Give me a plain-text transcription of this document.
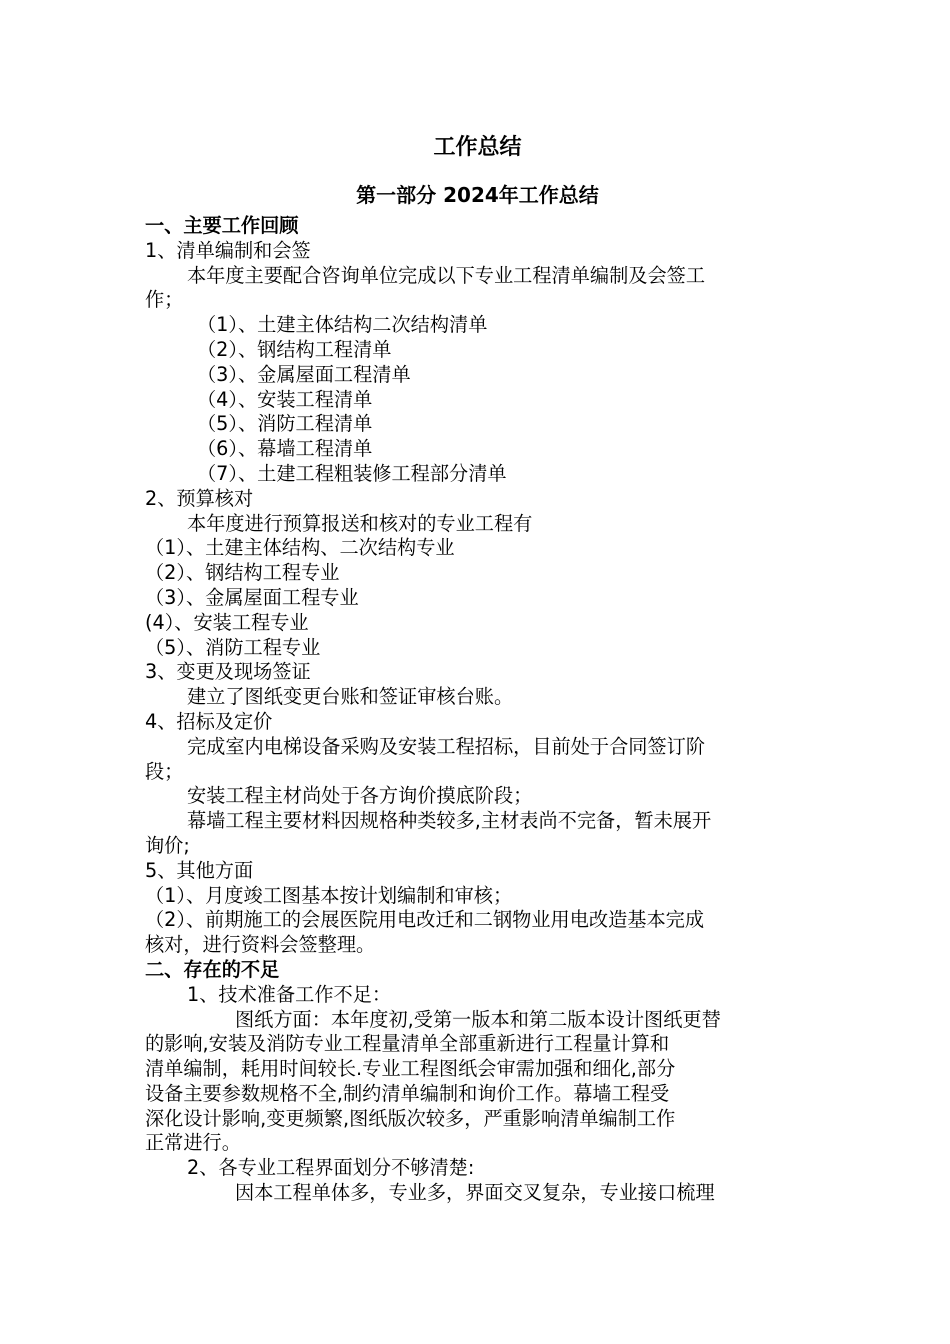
工作总结
第一部分 2024年工作总结
一、主要工作回顾
1、清单编制和会签
本年度主要配合咨询单位完成以下专业工程清单编制及会签工
作；
（1）、土建主体结构二次结构清单
（2）、钢结构工程清单
（3）、金属屋面工程清单
（4）、安装工程清单
（5）、消防工程清单
（6）、幕墙工程清单
（7）、土建工程粗装修工程部分清单
2、预算核对
本年度进行预算报送和核对的专业工程有
（1）、土建主体结构、二次结构专业
（2）、钢结构工程专业
（3）、金属屋面工程专业
(4）、安装工程专业
（5）、消防工程专业
3、变更及现场签证
建立了图纸变更台账和签证审核台账。
4、招标及定价
完成室内电梯设备采购及安装工程招标，目前处于合同签订阶
段；
安装工程主材尚处于各方询价摸底阶段；
幕墙工程主要材料因规格种类较多,主材表尚不完备，暂未展开
询价;
5、其他方面
（1）、月度竣工图基本按计划编制和审核；
（2）、前期施工的会展医院用电改迁和二钢物业用电改造基本完成
核对，进行资料会签整理。
二、存在的不足
1、技术准备工作不足：
图纸方面：本年度初,受第一版本和第二版本设计图纸更替
的影响,安装及消防专业工程量清单全部重新进行工程量计算和
清单编制，耗用时间较长.专业工程图纸会审需加强和细化,部分
设备主要参数规格不全,制约清单编制和询价工作。幕墙工程受
深化设计影响,变更频繁,图纸版次较多，严重影响清单编制工作
正常进行。
2、各专业工程界面划分不够清楚:
因本工程单体多，专业多，界面交叉复杂，专业接口梳理
